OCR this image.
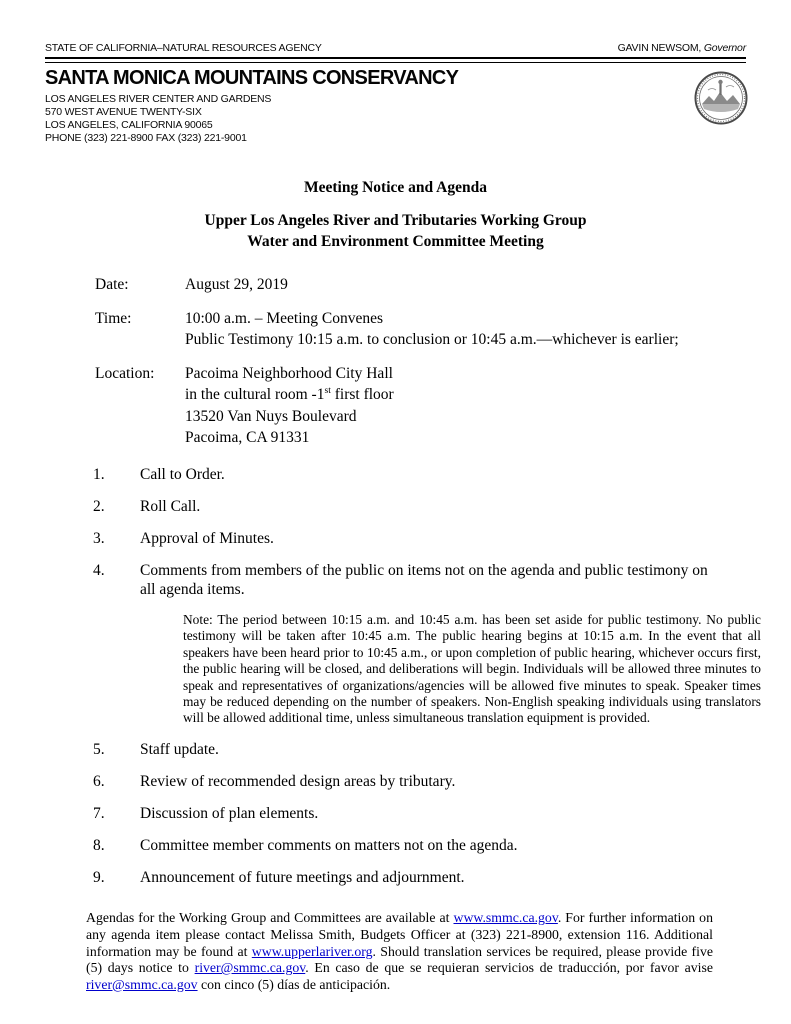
STATE OF CALIFORNIA–NATURAL RESOURCES AGENCY	GAVIN NEWSOM, Governor
SANTA MONICA MOUNTAINS CONSERVANCY
LOS ANGELES RIVER CENTER AND GARDENS
570 WEST AVENUE TWENTY-SIX
LOS ANGELES, CALIFORNIA 90065
PHONE (323) 221-8900 FAX (323) 221-9001
Meeting Notice and Agenda
Upper Los Angeles River and Tributaries Working Group
Water and Environment Committee Meeting
Date:	August 29, 2019
Time:	10:00 a.m. – Meeting Convenes
Public Testimony 10:15 a.m. to conclusion or 10:45 a.m.—whichever is earlier;
Location:	Pacoima Neighborhood City Hall
in the cultural room -1st first floor
13520 Van Nuys Boulevard
Pacoima, CA 91331
1.	Call to Order.
2.	Roll Call.
3.	Approval of Minutes.
4.	Comments from members of the public on items not on the agenda and public testimony on all agenda items.
Note: The period between 10:15 a.m. and 10:45 a.m. has been set aside for public testimony. No public testimony will be taken after 10:45 a.m. The public hearing begins at 10:15 a.m. In the event that all speakers have been heard prior to 10:45 a.m., or upon completion of public hearing, whichever occurs first, the public hearing will be closed, and deliberations will begin. Individuals will be allowed three minutes to speak and representatives of organizations/agencies will be allowed five minutes to speak. Speaker times may be reduced depending on the number of speakers. Non-English speaking individuals using translators will be allowed additional time, unless simultaneous translation equipment is provided.
5.	Staff update.
6.	Review of recommended design areas by tributary.
7.	Discussion of plan elements.
8.	Committee member comments on matters not on the agenda.
9.	Announcement of future meetings and adjournment.
Agendas for the Working Group and Committees are available at www.smmc.ca.gov. For further information on any agenda item please contact Melissa Smith, Budgets Officer at (323) 221-8900, extension 116. Additional information may be found at www.upperlariver.org. Should translation services be required, please provide five (5) days notice to river@smmc.ca.gov. En caso de que se requieran servicios de traducción, por favor avise river@smmc.ca.gov con cinco (5) días de anticipación.
